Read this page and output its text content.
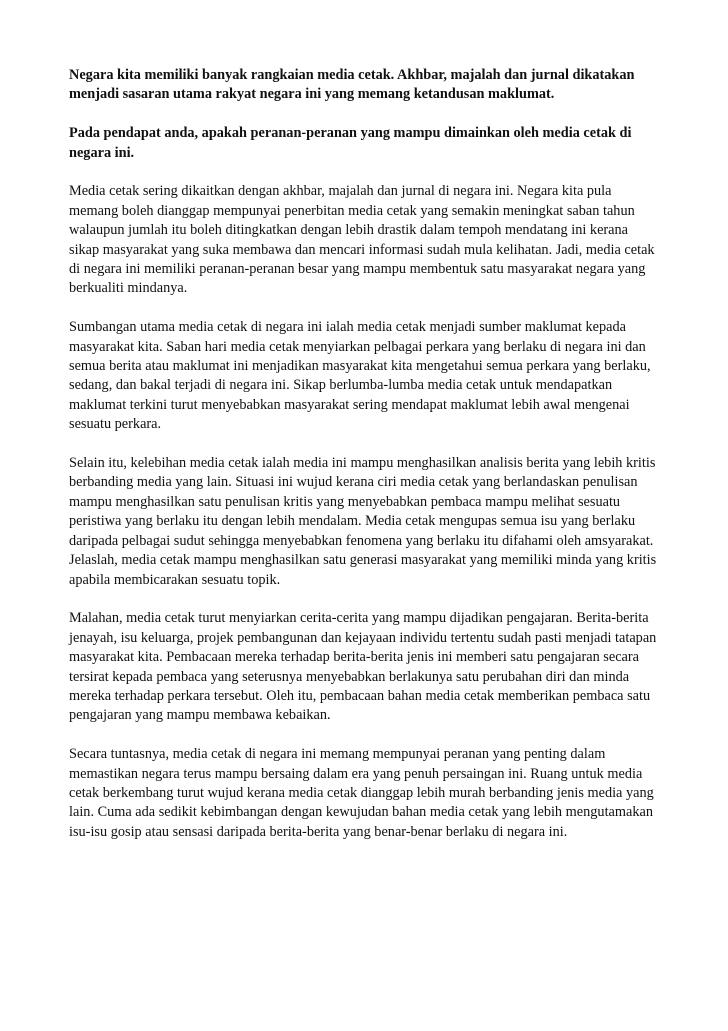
Negara kita memiliki banyak rangkaian media cetak. Akhbar, majalah dan jurnal dikatakan menjadi sasaran utama rakyat negara ini yang memang ketandusan maklumat.

Pada pendapat anda, apakah peranan-peranan yang mampu dimainkan oleh media cetak di negara ini.

Media cetak sering dikaitkan dengan akhbar, majalah dan jurnal di negara ini. Negara kita pula memang boleh dianggap mempunyai penerbitan media cetak yang semakin meningkat saban tahun walaupun jumlah itu boleh ditingkatkan dengan lebih drastik dalam tempoh mendatang ini kerana sikap masyarakat yang suka membawa dan mencari informasi sudah mula kelihatan. Jadi, media cetak di negara ini memiliki peranan-peranan besar yang mampu membentuk satu masyarakat negara yang berkualiti mindanya.

Sumbangan utama media cetak di negara ini ialah media cetak menjadi sumber maklumat kepada masyarakat kita. Saban hari media cetak menyiarkan pelbagai perkara yang berlaku di negara ini dan semua berita atau maklumat ini menjadikan masyarakat kita mengetahui semua perkara yang berlaku, sedang, dan bakal terjadi di negara ini. Sikap berlumba-lumba media cetak untuk mendapatkan maklumat terkini turut menyebabkan masyarakat sering mendapat maklumat lebih awal mengenai sesuatu perkara.

Selain itu, kelebihan media cetak ialah media ini mampu menghasilkan analisis berita yang lebih kritis berbanding media yang lain. Situasi ini wujud kerana ciri media cetak yang berlandaskan penulisan mampu menghasilkan satu penulisan kritis yang menyebabkan pembaca mampu melihat sesuatu peristiwa yang berlaku itu dengan lebih mendalam. Media cetak mengupas semua isu yang berlaku daripada pelbagai sudut sehingga menyebabkan fenomena yang berlaku itu difahami oleh amsyarakat. Jelaslah, media cetak mampu menghasilkan satu generasi masyarakat yang memiliki minda yang kritis apabila membicarakan sesuatu topik.

Malahan, media cetak turut menyiarkan cerita-cerita yang mampu dijadikan pengajaran. Berita-berita jenayah, isu keluarga, projek pembangunan dan kejayaan individu tertentu sudah pasti menjadi tatapan masyarakat kita. Pembacaan mereka terhadap berita-berita jenis ini memberi satu pengajaran secara tersirat kepada pembaca yang seterusnya menyebabkan berlakunya satu perubahan diri dan minda mereka terhadap perkara tersebut. Oleh itu, pembacaan bahan media cetak memberikan pembaca satu pengajaran yang mampu membawa kebaikan.

Secara tuntasnya, media cetak di negara ini memang mempunyai peranan yang penting dalam memastikan negara terus mampu bersaing dalam era yang penuh persaingan ini. Ruang untuk media cetak berkembang turut wujud kerana media cetak dianggap lebih murah berbanding jenis media yang lain. Cuma ada sedikit kebimbangan dengan kewujudan bahan media cetak yang lebih mengutamakan isu-isu gosip atau sensasi daripada berita-berita yang benar-benar berlaku di negara ini.
